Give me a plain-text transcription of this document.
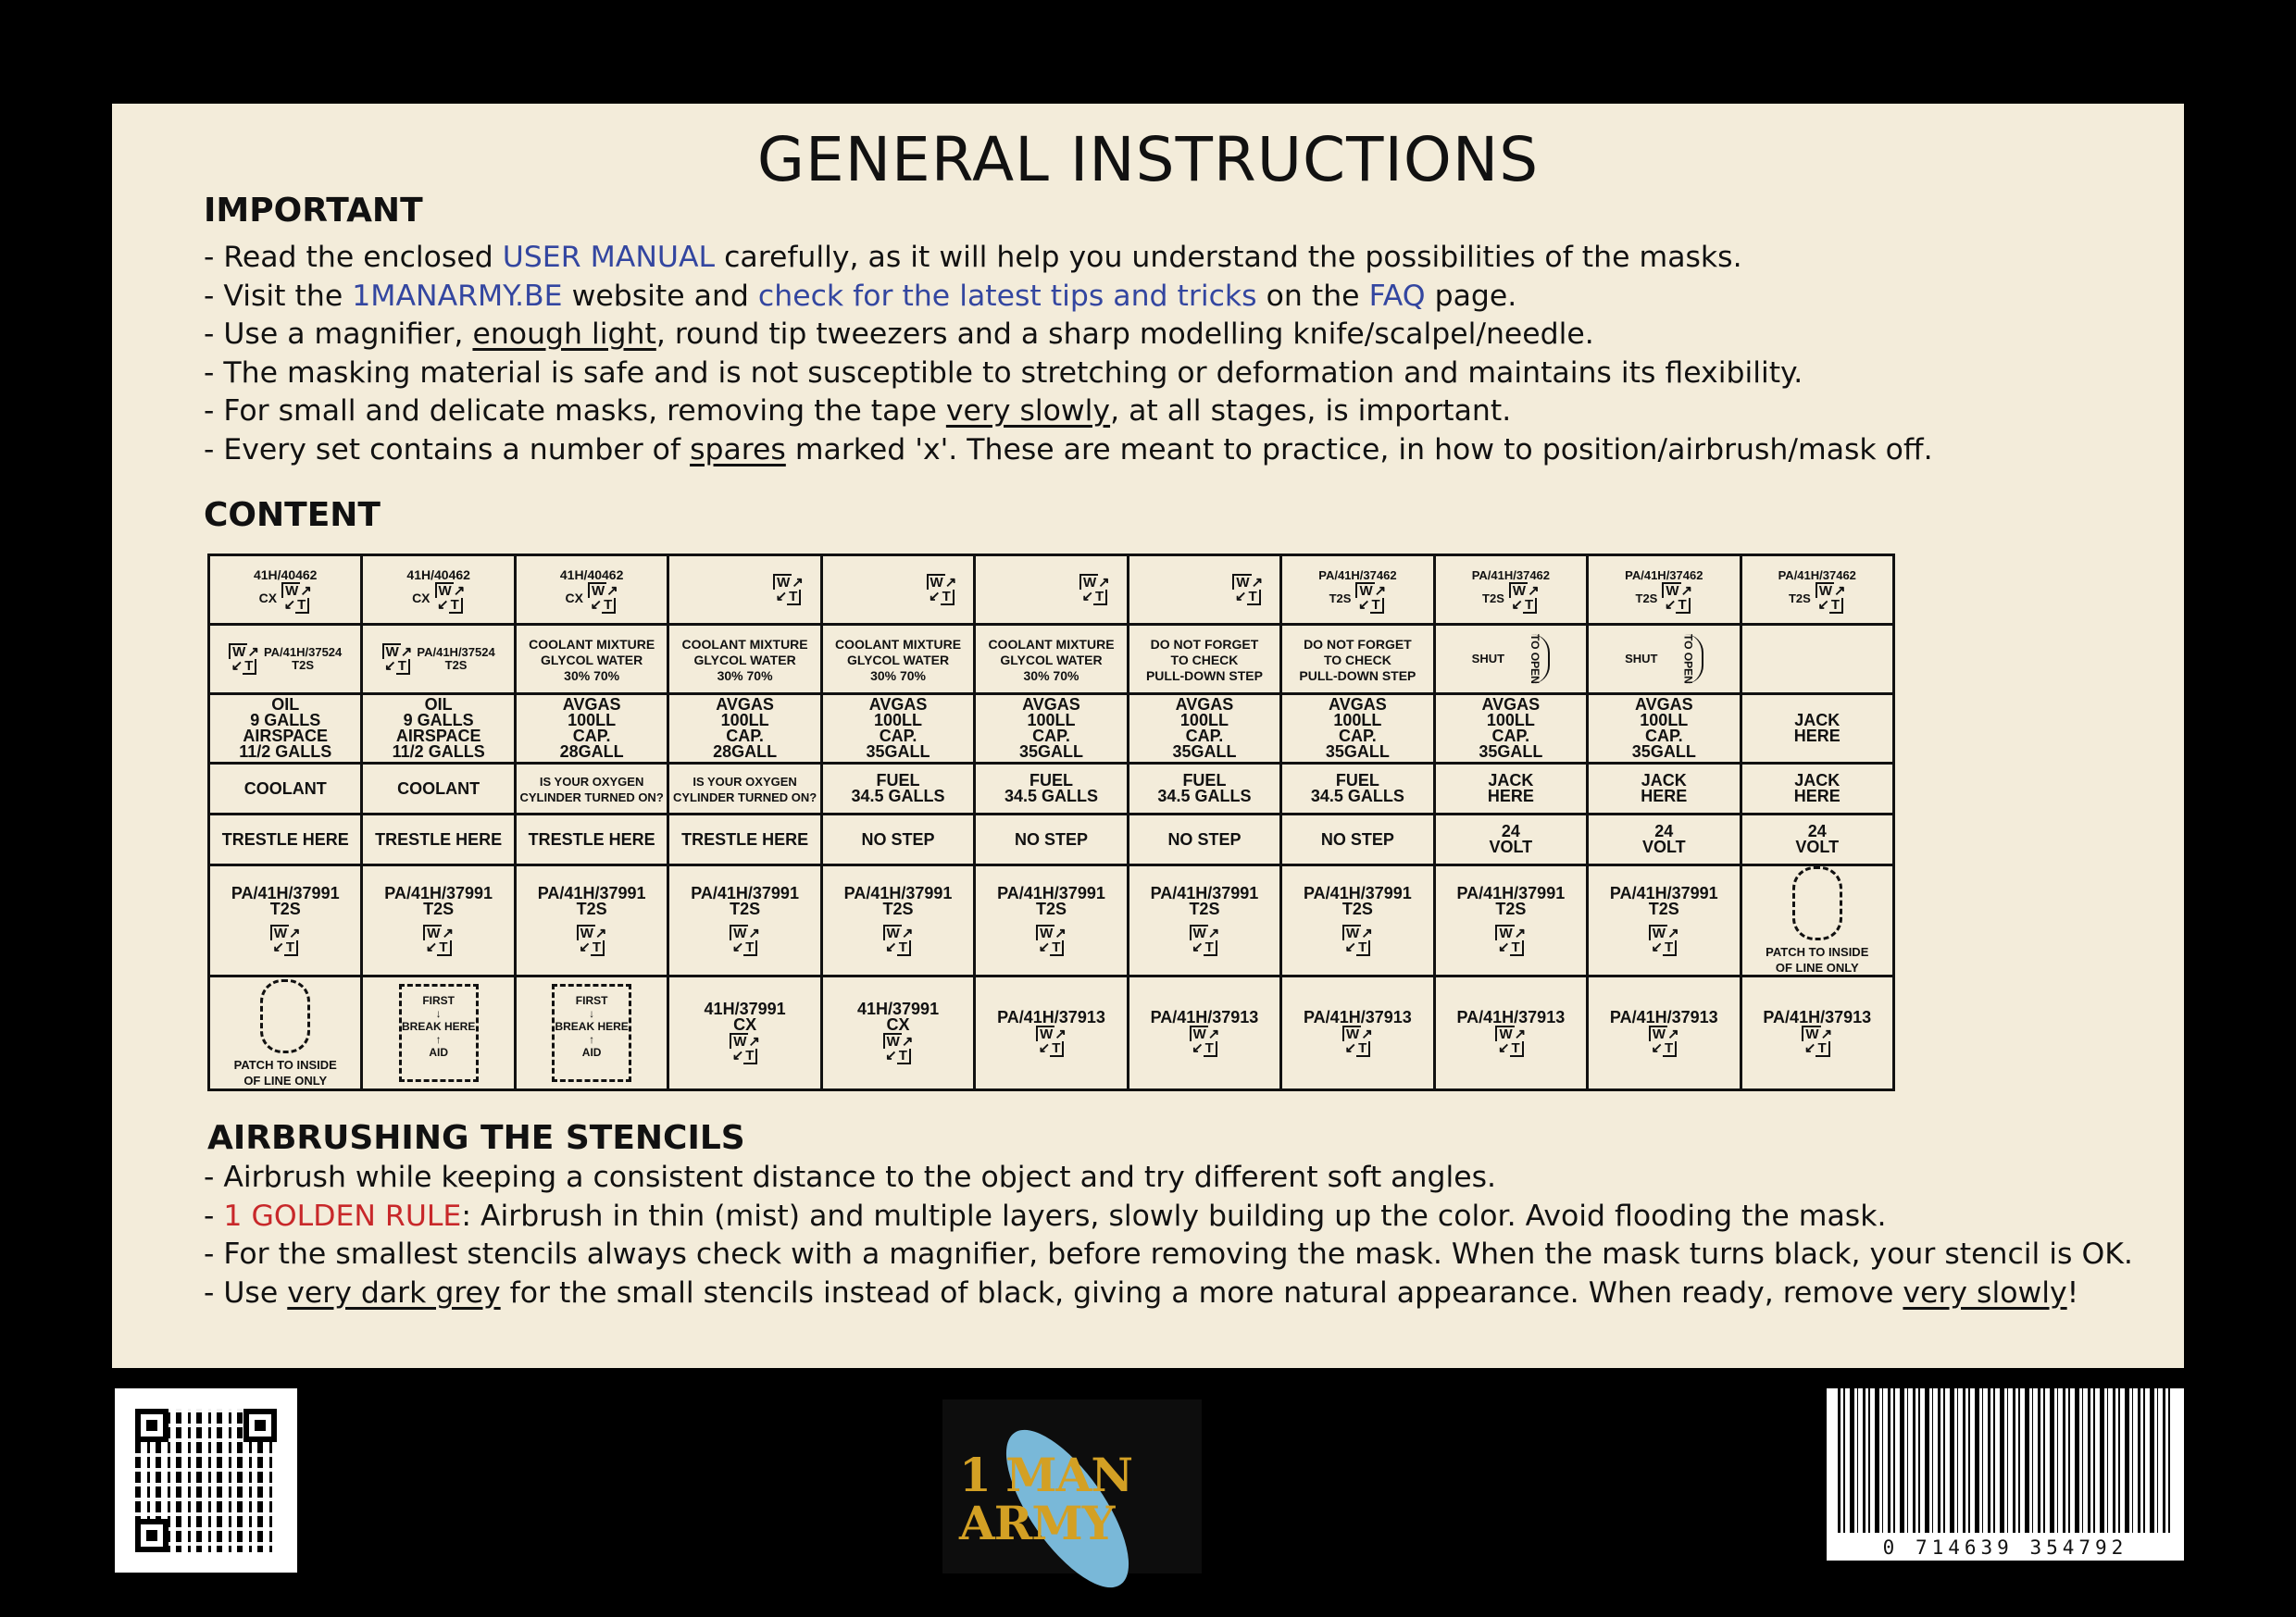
GENERAL INSTRUCTIONS
IMPORTANT
- Read the enclosed USER MANUAL carefully, as it will help you understand the possibilities of the masks.
- Visit the 1MANARMY.BE website and check for the latest tips and tricks on the FAQ page.
- Use a magnifier, enough light, round tip tweezers and a sharp modelling knife/scalpel/needle.
- The masking material is safe and is not susceptible to stretching or deformation and maintains its flexibility.
- For small and delicate masks, removing the tape very slowly, at all stages, is important.
- Every set contains a number of spares marked 'x'. These are meant to practice, in how to position/airbrush/mask off.
CONTENT
41H/40462
CX W ↗
↙ T	41H/40462
CX W ↗
↙ T	41H/40462
CX W ↗
↙ T	W ↗
↙ T	W ↗
↙ T	W ↗
↙ T	W ↗
↙ T	PA/41H/37462
T2S W ↗
↙ T	PA/41H/37462
T2S W ↗
↙ T	PA/41H/37462
T2S W ↗
↙ T	PA/41H/37462
T2S W ↗
↙ T
W ↗
↙ T PA/41H/37524
T2S	W ↗
↙ T PA/41H/37524
T2S	COOLANT MIXTURE
GLYCOL WATER
30% 70%	COOLANT MIXTURE
GLYCOL WATER
30% 70%	COOLANT MIXTURE
GLYCOL WATER
30% 70%	COOLANT MIXTURE
GLYCOL WATER
30% 70%	DO NOT FORGET
TO CHECK
PULL-DOWN STEP	DO NOT FORGET
TO CHECK
PULL-DOWN STEP	SHUT TO OPEN	SHUT TO OPEN	

OIL
9 GALLS
AIRSPACE
11/2 GALLS	OIL
9 GALLS
AIRSPACE
11/2 GALLS	AVGAS
100LL
CAP.
28GALL	AVGAS
100LL
CAP.
28GALL	AVGAS
100LL
CAP.
35GALL	AVGAS
100LL
CAP.
35GALL	AVGAS
100LL
CAP.
35GALL	AVGAS
100LL
CAP.
35GALL	AVGAS
100LL
CAP.
35GALL	AVGAS
100LL
CAP.
35GALL	JACK
HERE
COOLANT	COOLANT	IS YOUR OXYGEN
CYLINDER TURNED ON?	IS YOUR OXYGEN
CYLINDER TURNED ON?	FUEL
34.5 GALLS	FUEL
34.5 GALLS	FUEL
34.5 GALLS	FUEL
34.5 GALLS	JACK
HERE	JACK
HERE	JACK
HERE
TRESTLE HERE	TRESTLE HERE	TRESTLE HERE	TRESTLE HERE	NO STEP	NO STEP	NO STEP	NO STEP	24
VOLT	24
VOLT	24
VOLT
PA/41H/37991
T2S
W ↗
↙ T	PA/41H/37991
T2S
W ↗
↙ T	PA/41H/37991
T2S
W ↗
↙ T	PA/41H/37991
T2S
W ↗
↙ T	PA/41H/37991
T2S
W ↗
↙ T	PA/41H/37991
T2S
W ↗
↙ T	PA/41H/37991
T2S
W ↗
↙ T	PA/41H/37991
T2S
W ↗
↙ T	PA/41H/37991
T2S
W ↗
↙ T	PA/41H/37991
T2S
W ↗
↙ T	PATCH TO INSIDE
OF LINE ONLY

PATCH TO INSIDE
OF LINE ONLY	FIRST
↓
BREAK HERE
↑
AID	FIRST
↓
BREAK HERE
↑
AID	41H/37991
CX
W ↗
↙ T	41H/37991
CX
W ↗
↙ T	PA/41H/37913
W ↗
↙ T	PA/41H/37913
W ↗
↙ T	PA/41H/37913
W ↗
↙ T	PA/41H/37913
W ↗
↙ T	PA/41H/37913
W ↗
↙ T	PA/41H/37913
W ↗
↙ T
AIRBRUSHING THE STENCILS
- Airbrush while keeping a consistent distance to the object and try different soft angles.
- 1 GOLDEN RULE: Airbrush in thin (mist) and multiple layers, slowly building up the color. Avoid flooding the mask.
- For the smallest stencils always check with a magnifier, before removing the mask. When the mask turns black, your stencil is OK.
- Use very dark grey for the small stencils instead of black, giving a more natural appearance. When ready, remove very slowly!
1 MAN
ARMY	0 714639 354792
